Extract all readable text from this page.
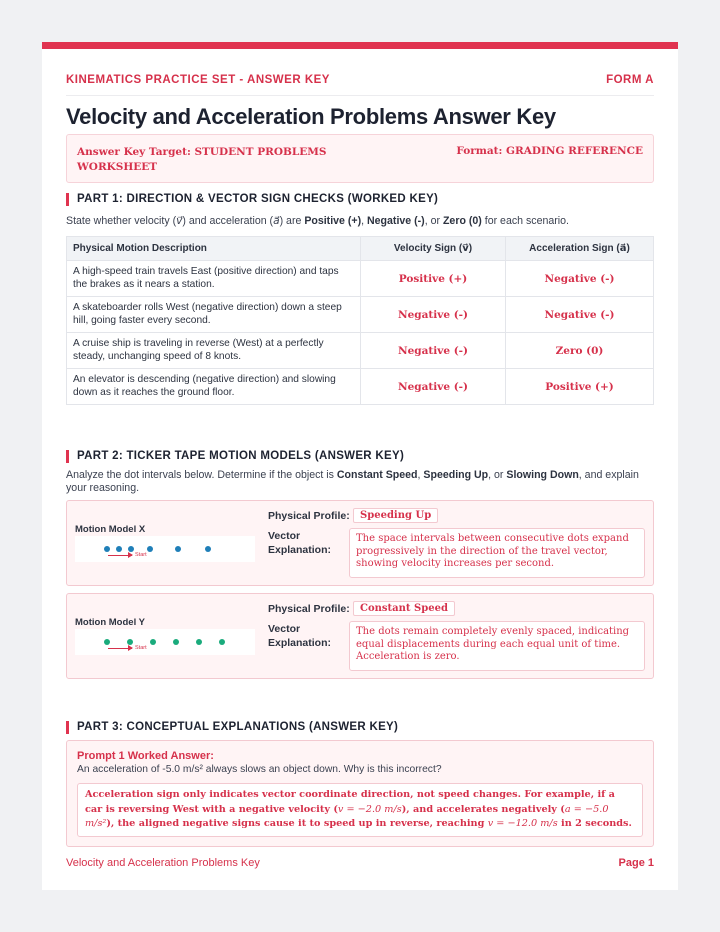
KINEMATICS PRACTICE SET - ANSWER KEY	FORM A
Velocity and Acceleration Problems Answer Key
Answer Key Target: STUDENT PROBLEMS WORKSHEET
Format: GRADING REFERENCE
PART 1: DIRECTION & VECTOR SIGN CHECKS (WORKED KEY)
State whether velocity (v⃗) and acceleration (a⃗) are Positive (+), Negative (-), or Zero (0) for each scenario.
Physical Motion Description	Velocity Sign (v⃗)	Acceleration Sign (a⃗)
A high-speed train travels East (positive direction) and taps the brakes as it nears a station.	Positive (+)	Negative (-)
A skateboarder rolls West (negative direction) down a steep hill, going faster every second.	Negative (-)	Negative (-)
A cruise ship is traveling in reverse (West) at a perfectly steady, unchanging speed of 8 knots.	Negative (-)	Zero (0)
An elevator is descending (negative direction) and slowing down as it reaches the ground floor.	Negative (-)	Positive (+)
PART 2: TICKER TAPE MOTION MODELS (ANSWER KEY)
Analyze the dot intervals below. Determine if the object is Constant Speed, Speeding Up, or Slowing Down, and explain your reasoning.
Motion Model X
Start
Physical Profile:	Speeding Up
Vector
Explanation:
The space intervals between consecutive dots expand progressively in the direction of the travel vector, showing velocity increases per second.
Motion Model Y
Start
Physical Profile:	Constant Speed
Vector
Explanation:
The dots remain completely evenly spaced, indicating equal displacements during each equal unit of time. Acceleration is zero.
PART 3: CONCEPTUAL EXPLANATIONS (ANSWER KEY)
Prompt 1 Worked Answer:
An acceleration of -5.0 m/s² always slows an object down. Why is this incorrect?
Acceleration sign only indicates vector coordinate direction, not speed changes. For example, if a car is reversing West with a negative velocity (v = −2.0 m/s), and accelerates negatively (a = −5.0 m/s²), the aligned negative signs cause it to speed up in reverse, reaching v = −12.0 m/s in 2 seconds.
Velocity and Acceleration Problems Key	Page 1
